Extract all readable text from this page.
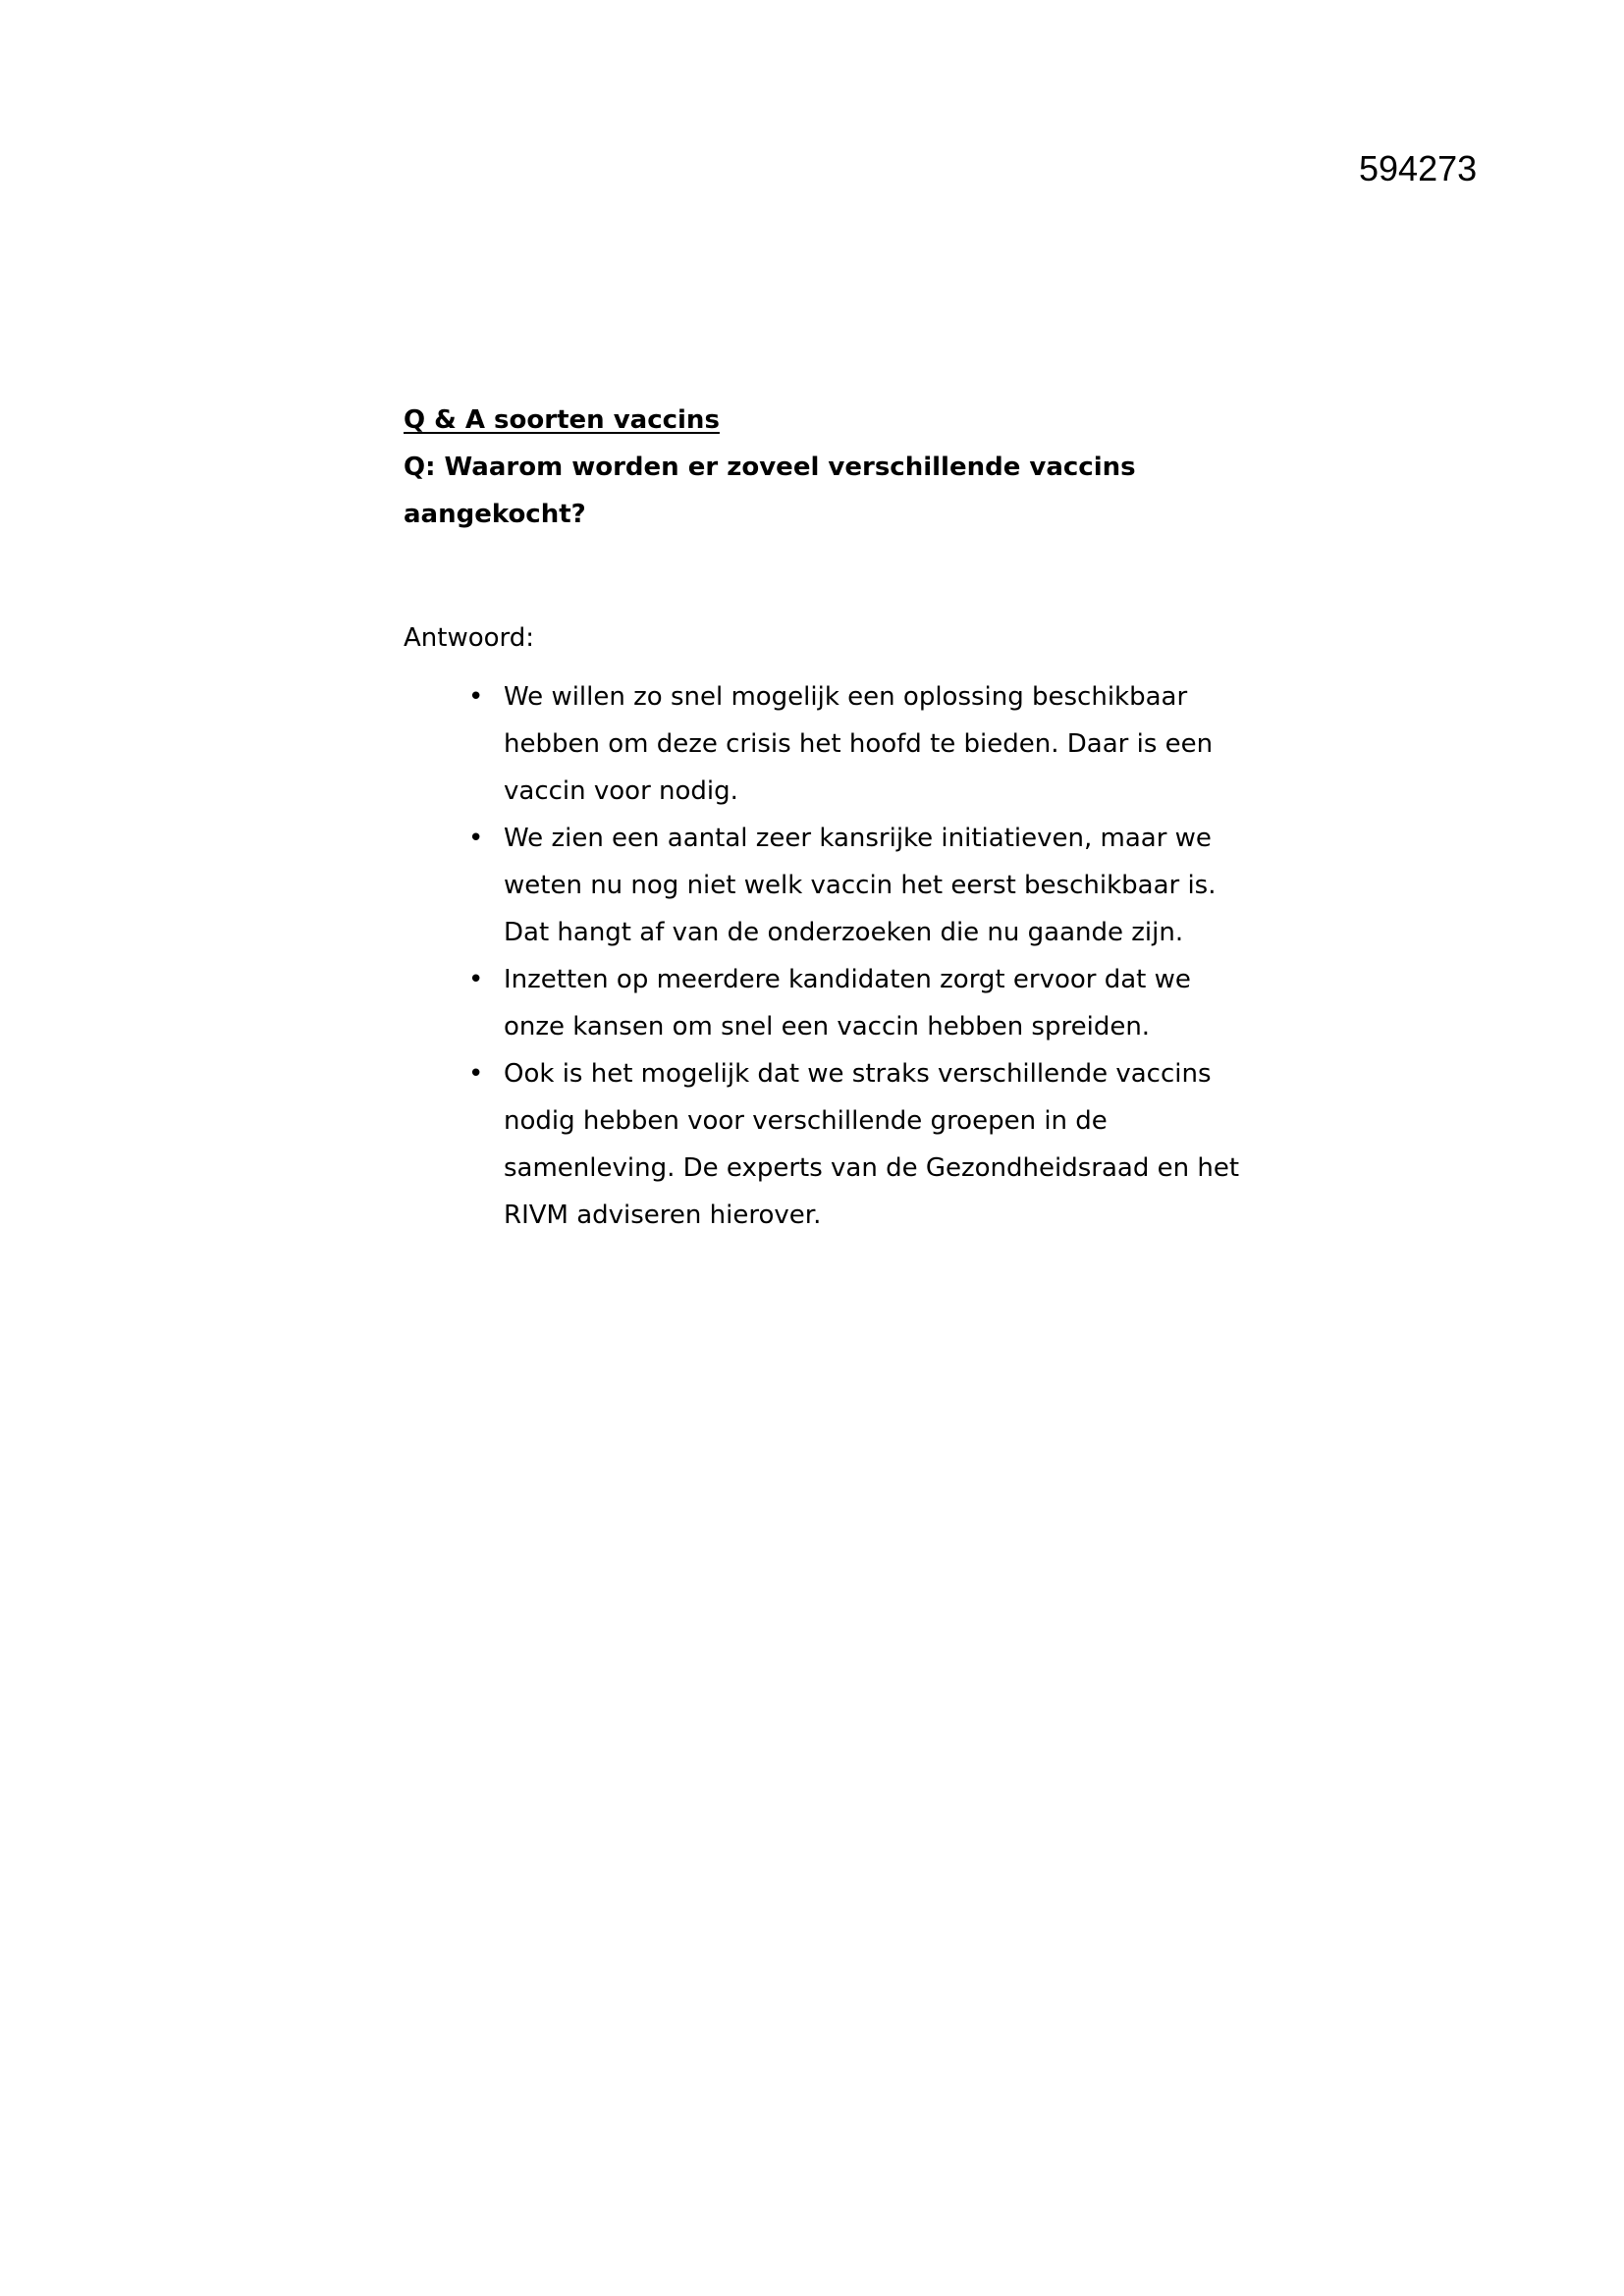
594273

Q & A soorten vaccins

Q: Waarom worden er zoveel verschillende vaccins aangekocht?

Antwoord:

• We willen zo snel mogelijk een oplossing beschikbaar hebben om deze crisis het hoofd te bieden. Daar is een vaccin voor nodig.
• We zien een aantal zeer kansrijke initiatieven, maar we weten nu nog niet welk vaccin het eerst beschikbaar is. Dat hangt af van de onderzoeken die nu gaande zijn.
• Inzetten op meerdere kandidaten zorgt ervoor dat we onze kansen om snel een vaccin hebben spreiden.
• Ook is het mogelijk dat we straks verschillende vaccins nodig hebben voor verschillende groepen in de samenleving. De experts van de Gezondheidsraad en het RIVM adviseren hierover.
